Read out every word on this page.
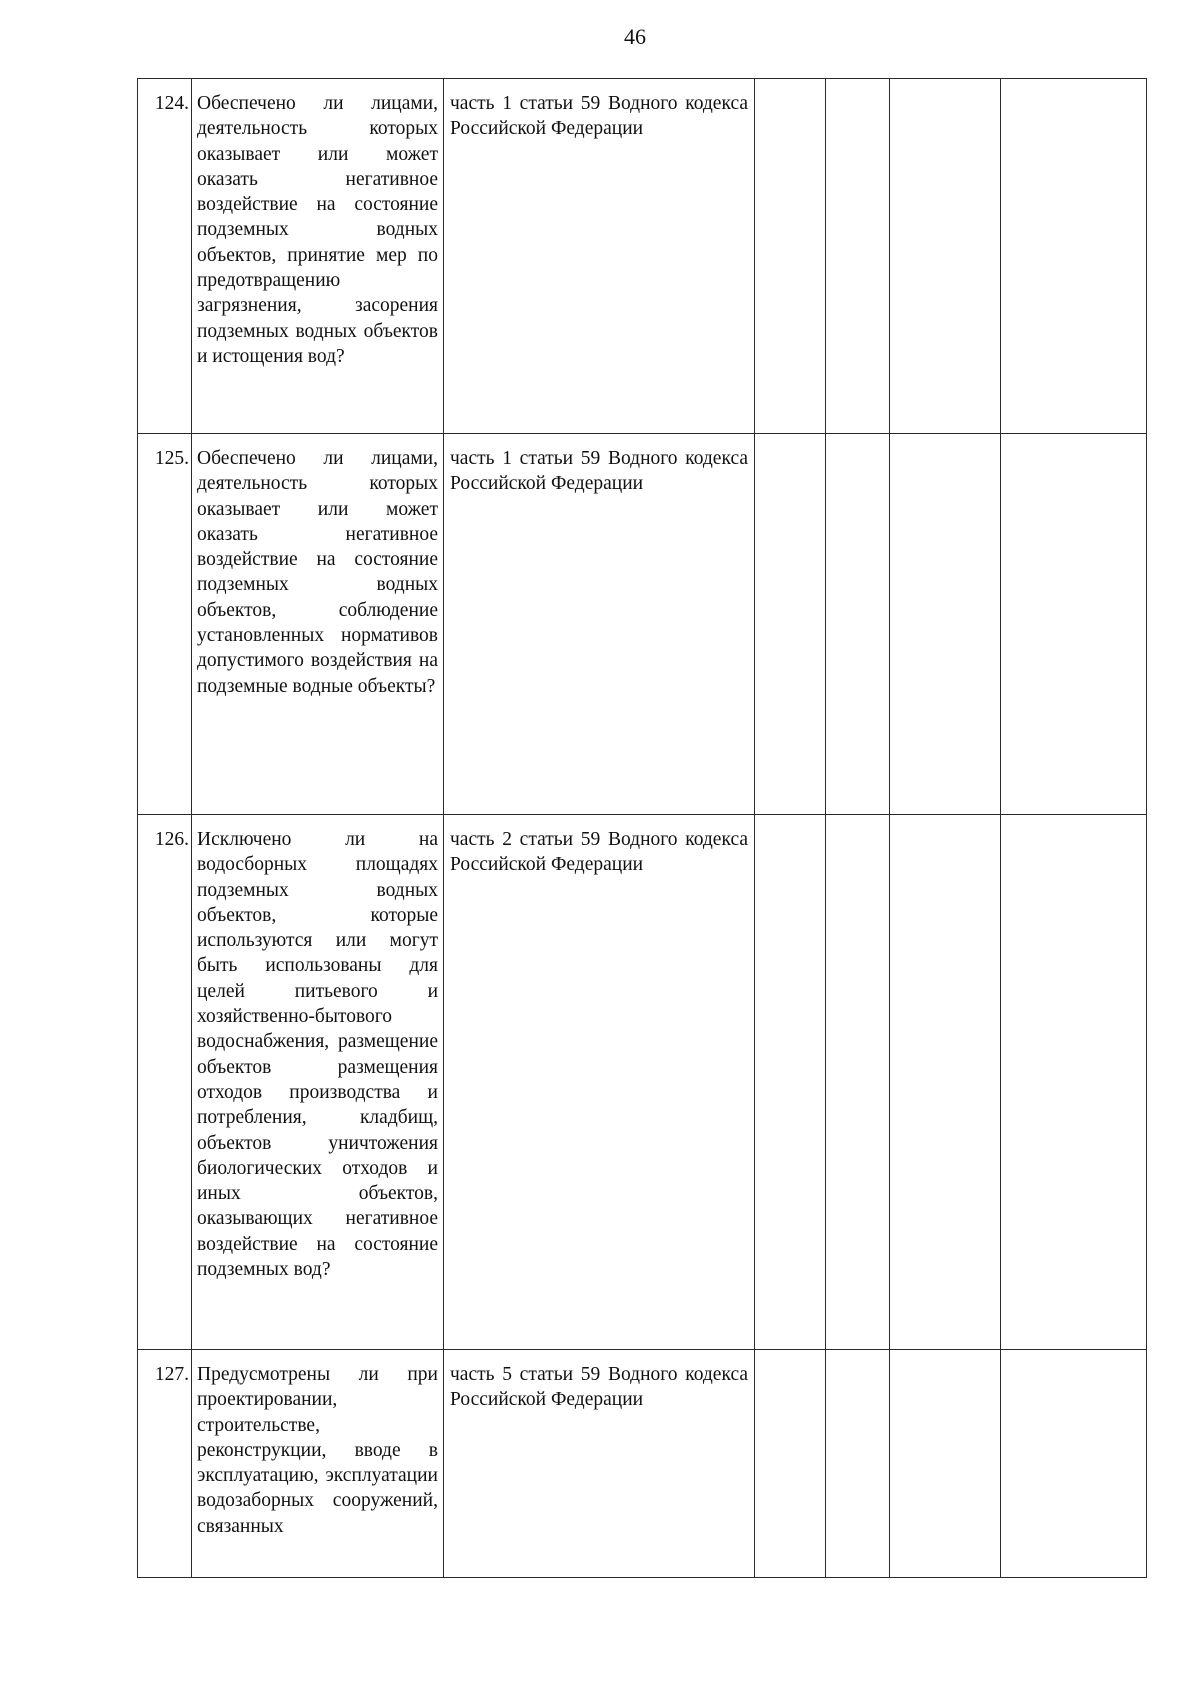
46
124.	Обеспечено ли лицами, деятельность которых оказывает или может оказать негативное воздействие на состояние подземных водных объектов, принятие мер по предотвращению загрязнения, засорения подземных водных объектов и истощения вод?	часть 1 статьи 59 Водного кодекса Российской Федерации				

125.	Обеспечено ли лицами, деятельность которых оказывает или может оказать негативное воздействие на состояние подземных водных объектов, соблюдение установленных нормативов допустимого воздействия на подземные водные объекты?	часть 1 статьи 59 Водного кодекса Российской Федерации				

126.	Исключено ли на водосборных площадях подземных водных объектов, которые используются или могут быть использованы для целей питьевого и хозяйственно-бытового водоснабжения, размещение объектов размещения отходов производства и потребления, кладбищ, объектов уничтожения биологических отходов и иных объектов, оказывающих негативное воздействие на состояние подземных вод?	часть 2 статьи 59 Водного кодекса Российской Федерации				

127.	Предусмотрены ли при проектировании, строительстве, реконструкции, вводе в эксплуатацию, эксплуатации водозаборных сооружений, связанных	часть 5 статьи 59 Водного кодекса Российской Федерации				
